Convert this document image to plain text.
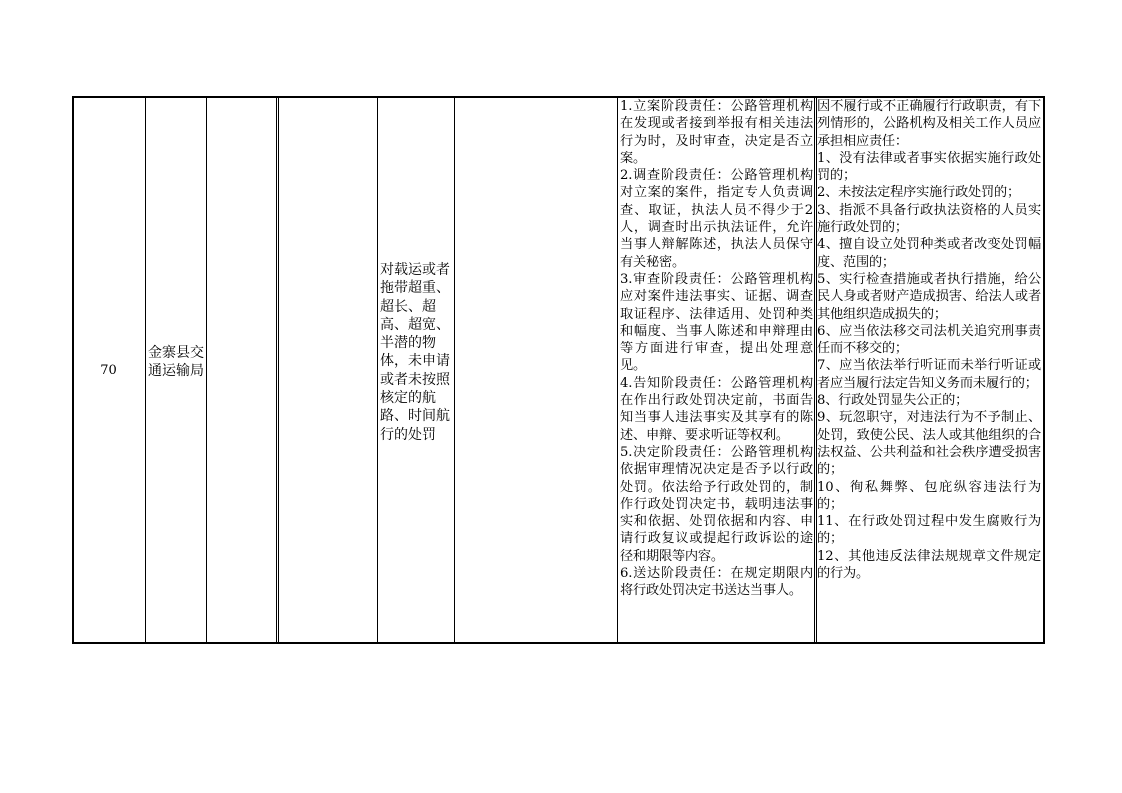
70
金寨县交通运输局
对载运或者拖带超重、超长、超高、超宽、半潜的物体，未申请或者未按照核定的航路、时间航行的处罚

1.立案阶段责任：公路管理机构在发现或者接到举报有相关违法行为时，及时审查，决定是否立案。

2.调查阶段责任：公路管理机构对立案的案件，指定专人负责调查、取证，执法人员不得少于2人，调查时出示执法证件，允许当事人辩解陈述，执法人员保守有关秘密。

3.审查阶段责任：公路管理机构应对案件违法事实、证据、调查取证程序、法律适用、处罚种类和幅度、当事人陈述和申辩理由等方面进行审查，提出处理意见。

4.告知阶段责任：公路管理机构在作出行政处罚决定前，书面告知当事人违法事实及其享有的陈述、申辩、要求听证等权利。

5.决定阶段责任：公路管理机构依据审理情况决定是否予以行政处罚。依法给予行政处罚的，制作行政处罚决定书，载明违法事实和依据、处罚依据和内容、申请行政复议或提起行政诉讼的途径和期限等内容。

6.送达阶段责任：在规定期限内将行政处罚决定书送达当事人。

因不履行或不正确履行行政职责，有下列情形的，公路机构及相关工作人员应承担相应责任：

1、没有法律或者事实依据实施行政处罚的；

2、未按法定程序实施行政处罚的；

3、指派不具备行政执法资格的人员实施行政处罚的；

4、擅自设立处罚种类或者改变处罚幅度、范围的；

5、实行检查措施或者执行措施，给公民人身或者财产造成损害、给法人或者其他组织造成损失的；

6、应当依法移交司法机关追究刑事责任而不移交的；

7、应当依法举行听证而未举行听证或者应当履行法定告知义务而未履行的；

8、行政处罚显失公正的；

9、玩忽职守，对违法行为不予制止、处罚，致使公民、法人或其他组织的合法权益、公共利益和社会秩序遭受损害的；

10、徇私舞弊、包庇纵容违法行为的；

11、在行政处罚过程中发生腐败行为的；

12、其他违反法律法规规章文件规定的行为。
